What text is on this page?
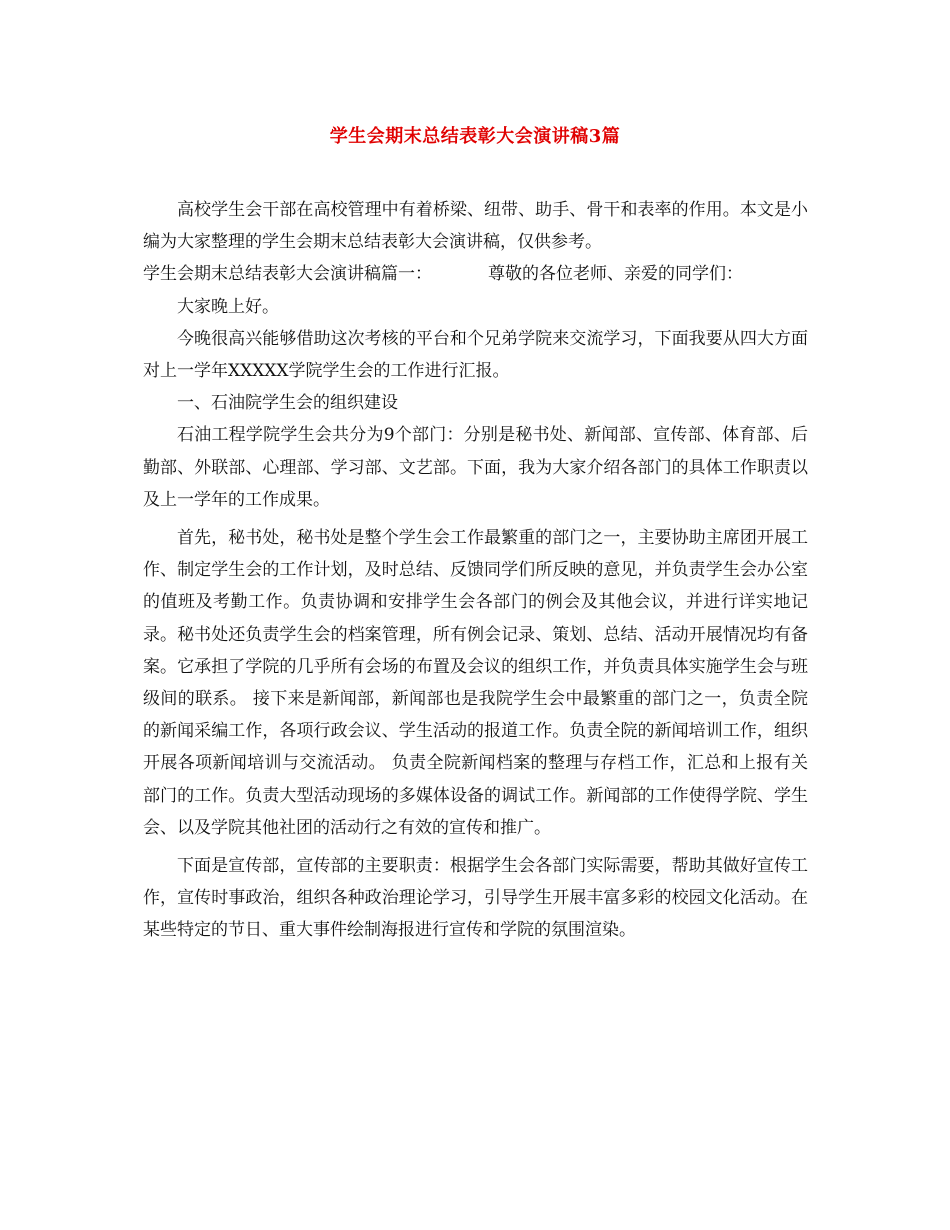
学生会期末总结表彰大会演讲稿3篇

高校学生会干部在高校管理中有着桥梁、纽带、助手、骨干和表率的作用。本文是小编为大家整理的学生会期末总结表彰大会演讲稿，仅供参考。

学生会期末总结表彰大会演讲稿篇一：	尊敬的各位老师、亲爱的同学们：

大家晚上好。

今晚很高兴能够借助这次考核的平台和个兄弟学院来交流学习，下面我要从四大方面对上一学年XXXXX学院学生会的工作进行汇报。

一、石油院学生会的组织建设

石油工程学院学生会共分为9个部门：分别是秘书处、新闻部、宣传部、体育部、后勤部、外联部、心理部、学习部、文艺部。下面，我为大家介绍各部门的具体工作职责以及上一学年的工作成果。

首先，秘书处，秘书处是整个学生会工作最繁重的部门之一，主要协助主席团开展工作、制定学生会的工作计划，及时总结、反馈同学们所反映的意见，并负责学生会办公室的值班及考勤工作。负责协调和安排学生会各部门的例会及其他会议，并进行详实地记录。秘书处还负责学生会的档案管理，所有例会记录、策划、总结、活动开展情况均有备案。它承担了学院的几乎所有会场的布置及会议的组织工作，并负责具体实施学生会与班级间的联系。 接下来是新闻部，新闻部也是我院学生会中最繁重的部门之一，负责全院的新闻采编工作，各项行政会议、学生活动的报道工作。负责全院的新闻培训工作，组织开展各项新闻培训与交流活动。 负责全院新闻档案的整理与存档工作，汇总和上报有关部门的工作。负责大型活动现场的多媒体设备的调试工作。新闻部的工作使得学院、学生会、以及学院其他社团的活动行之有效的宣传和推广。

下面是宣传部，宣传部的主要职责：根据学生会各部门实际需要，帮助其做好宣传工作，宣传时事政治，组织各种政治理论学习，引导学生开展丰富多彩的校园文化活动。在某些特定的节日、重大事件绘制海报进行宣传和学院的氛围渲染。
